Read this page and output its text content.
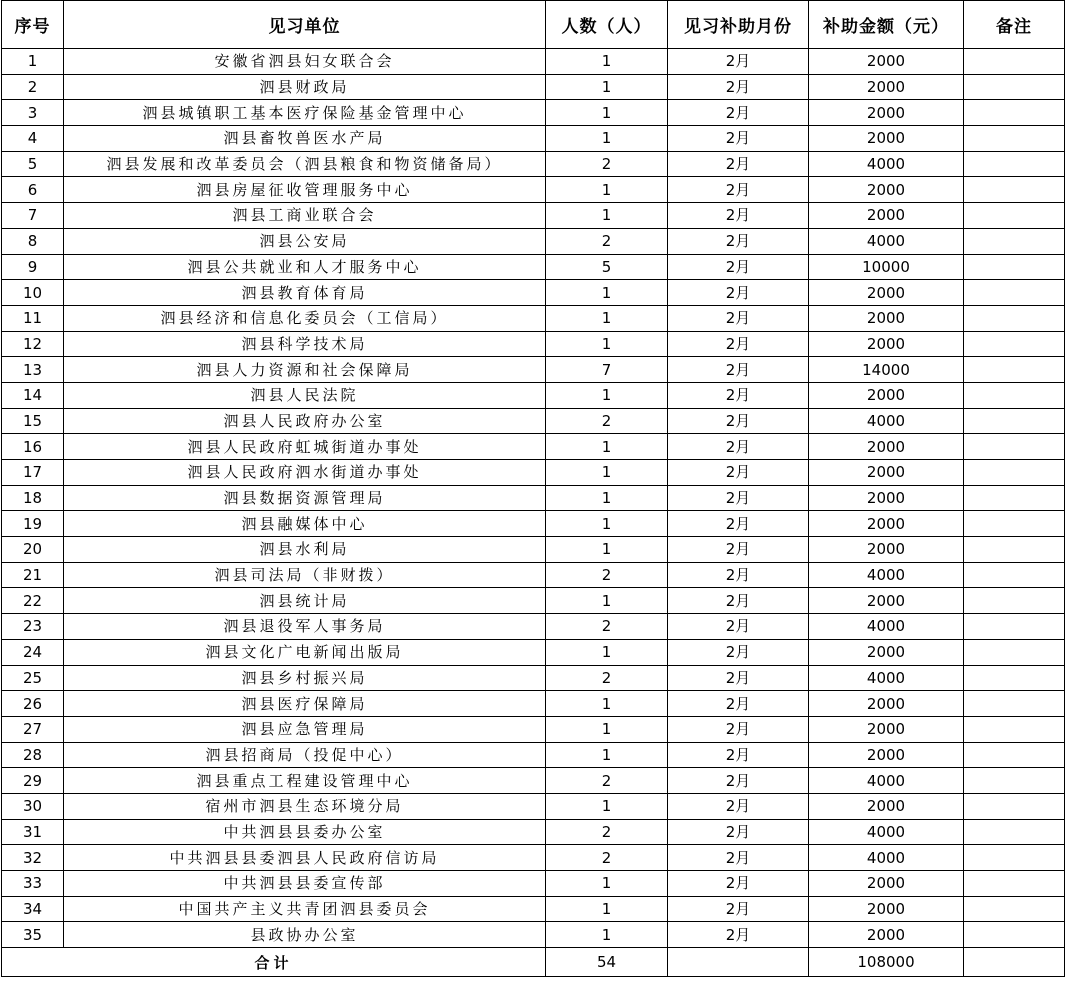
序号	见习单位	人数（人）	见习补助月份	补助金额（元）	备注
1	安徽省泗县妇女联合会	1	2月	2000	
2	泗县财政局	1	2月	2000	
3	泗县城镇职工基本医疗保险基金管理中心	1	2月	2000	
4	泗县畜牧兽医水产局	1	2月	2000	
5	泗县发展和改革委员会（泗县粮食和物资储备局）	2	2月	4000	
6	泗县房屋征收管理服务中心	1	2月	2000	
7	泗县工商业联合会	1	2月	2000	
8	泗县公安局	2	2月	4000	
9	泗县公共就业和人才服务中心	5	2月	10000	
10	泗县教育体育局	1	2月	2000	
11	泗县经济和信息化委员会（工信局）	1	2月	2000	
12	泗县科学技术局	1	2月	2000	
13	泗县人力资源和社会保障局	7	2月	14000	
14	泗县人民法院	1	2月	2000	
15	泗县人民政府办公室	2	2月	4000	
16	泗县人民政府虹城街道办事处	1	2月	2000	
17	泗县人民政府泗水街道办事处	1	2月	2000	
18	泗县数据资源管理局	1	2月	2000	
19	泗县融媒体中心	1	2月	2000	
20	泗县水利局	1	2月	2000	
21	泗县司法局（非财拨）	2	2月	4000	
22	泗县统计局	1	2月	2000	
23	泗县退役军人事务局	2	2月	4000	
24	泗县文化广电新闻出版局	1	2月	2000	
25	泗县乡村振兴局	2	2月	4000	
26	泗县医疗保障局	1	2月	2000	
27	泗县应急管理局	1	2月	2000	
28	泗县招商局（投促中心）	1	2月	2000	
29	泗县重点工程建设管理中心	2	2月	4000	
30	宿州市泗县生态环境分局	1	2月	2000	
31	中共泗县县委办公室	2	2月	4000	
32	中共泗县县委泗县人民政府信访局	2	2月	4000	
33	中共泗县县委宣传部	1	2月	2000	
34	中国共产主义共青团泗县委员会	1	2月	2000	
35	县政协办公室	1	2月	2000	
合计		54		108000	
